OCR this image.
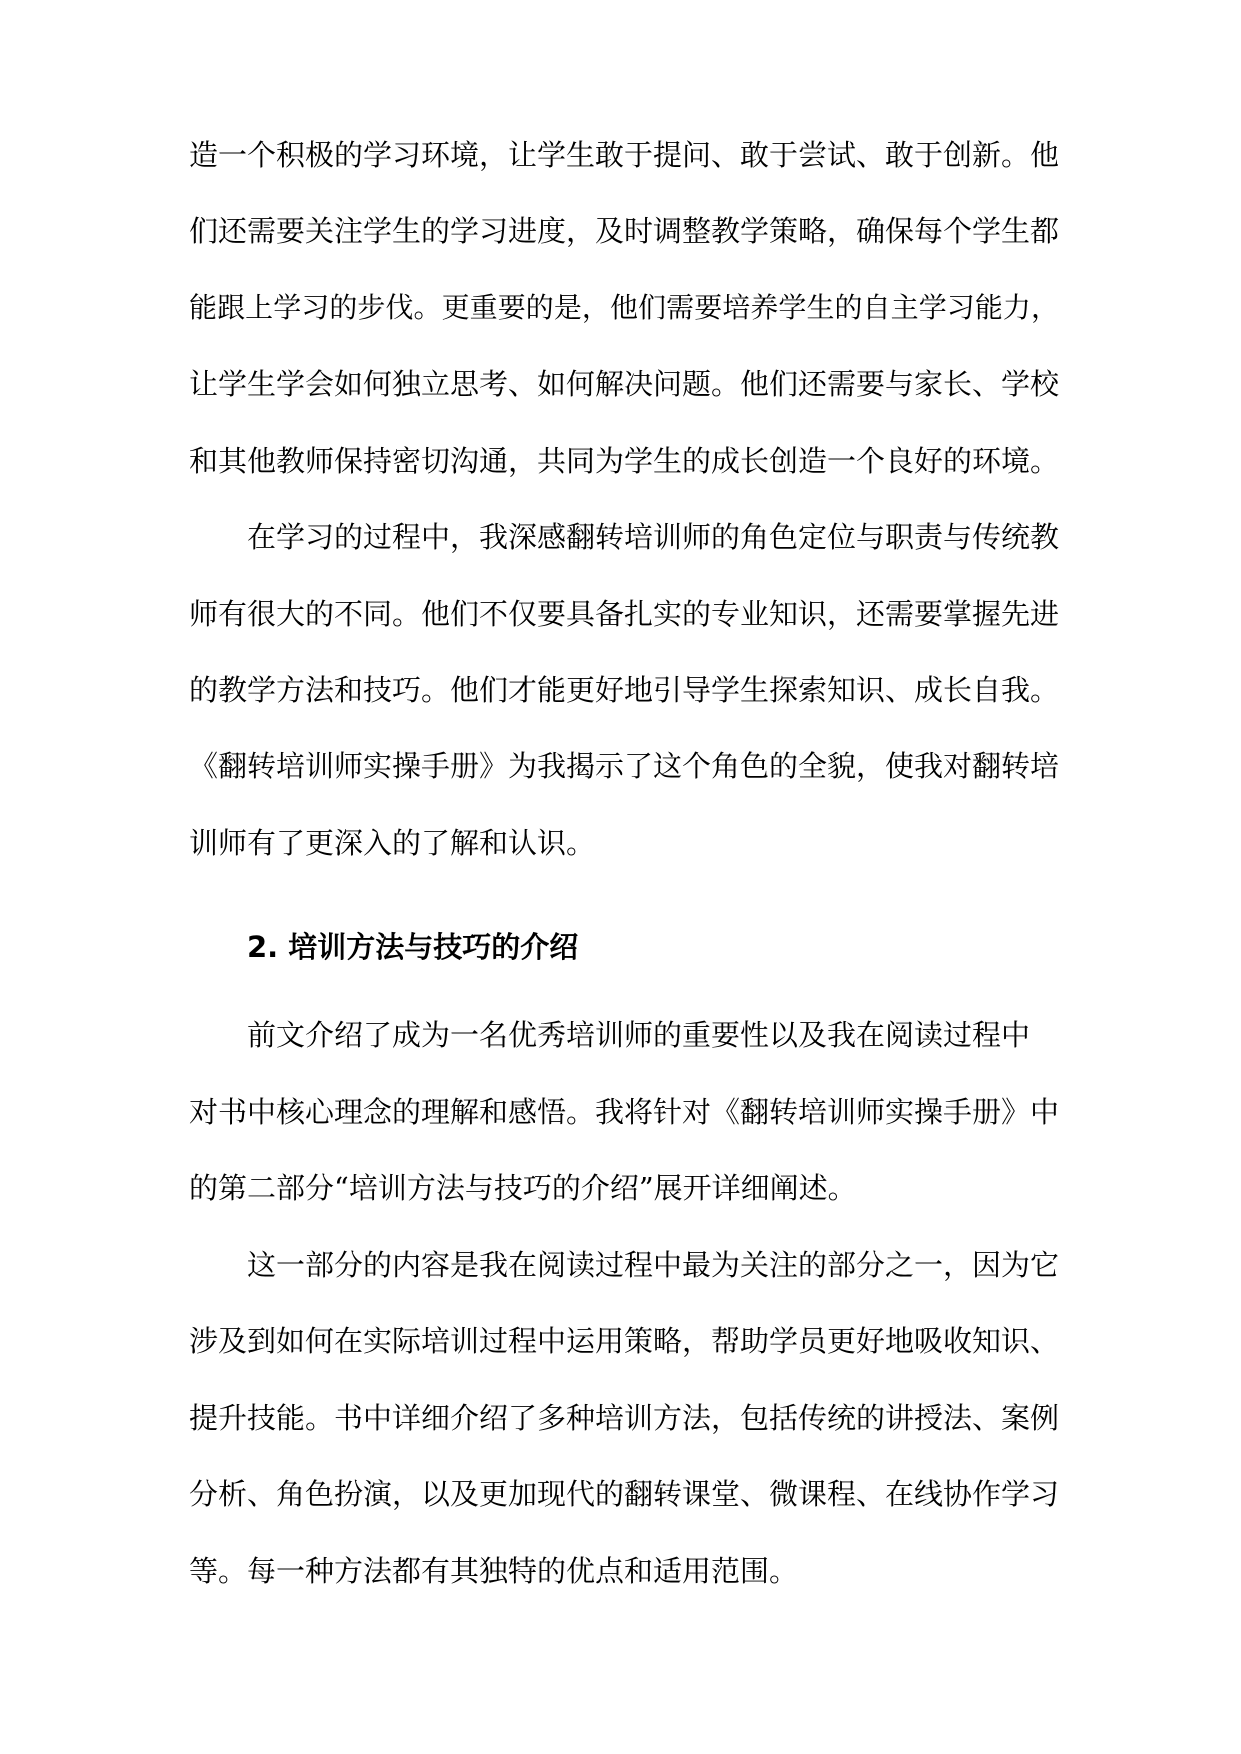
造一个积极的学习环境，让学生敢于提问、敢于尝试、敢于创新。他
们还需要关注学生的学习进度，及时调整教学策略，确保每个学生都
能跟上学习的步伐。更重要的是，他们需要培养学生的自主学习能力，
让学生学会如何独立思考、如何解决问题。他们还需要与家长、学校
和其他教师保持密切沟通，共同为学生的成长创造一个良好的环境。
在学习的过程中，我深感翻转培训师的角色定位与职责与传统教
师有很大的不同。他们不仅要具备扎实的专业知识，还需要掌握先进
的教学方法和技巧。他们才能更好地引导学生探索知识、成长自我。
《翻转培训师实操手册》为我揭示了这个角色的全貌，使我对翻转培
训师有了更深入的了解和认识。
2. 培训方法与技巧的介绍
前文介绍了成为一名优秀培训师的重要性以及我在阅读过程中
对书中核心理念的理解和感悟。我将针对《翻转培训师实操手册》中
的第二部分“培训方法与技巧的介绍”展开详细阐述。
这一部分的内容是我在阅读过程中最为关注的部分之一，因为它
涉及到如何在实际培训过程中运用策略，帮助学员更好地吸收知识、
提升技能。书中详细介绍了多种培训方法，包括传统的讲授法、案例
分析、角色扮演，以及更加现代的翻转课堂、微课程、在线协作学习
等。每一种方法都有其独特的优点和适用范围。
